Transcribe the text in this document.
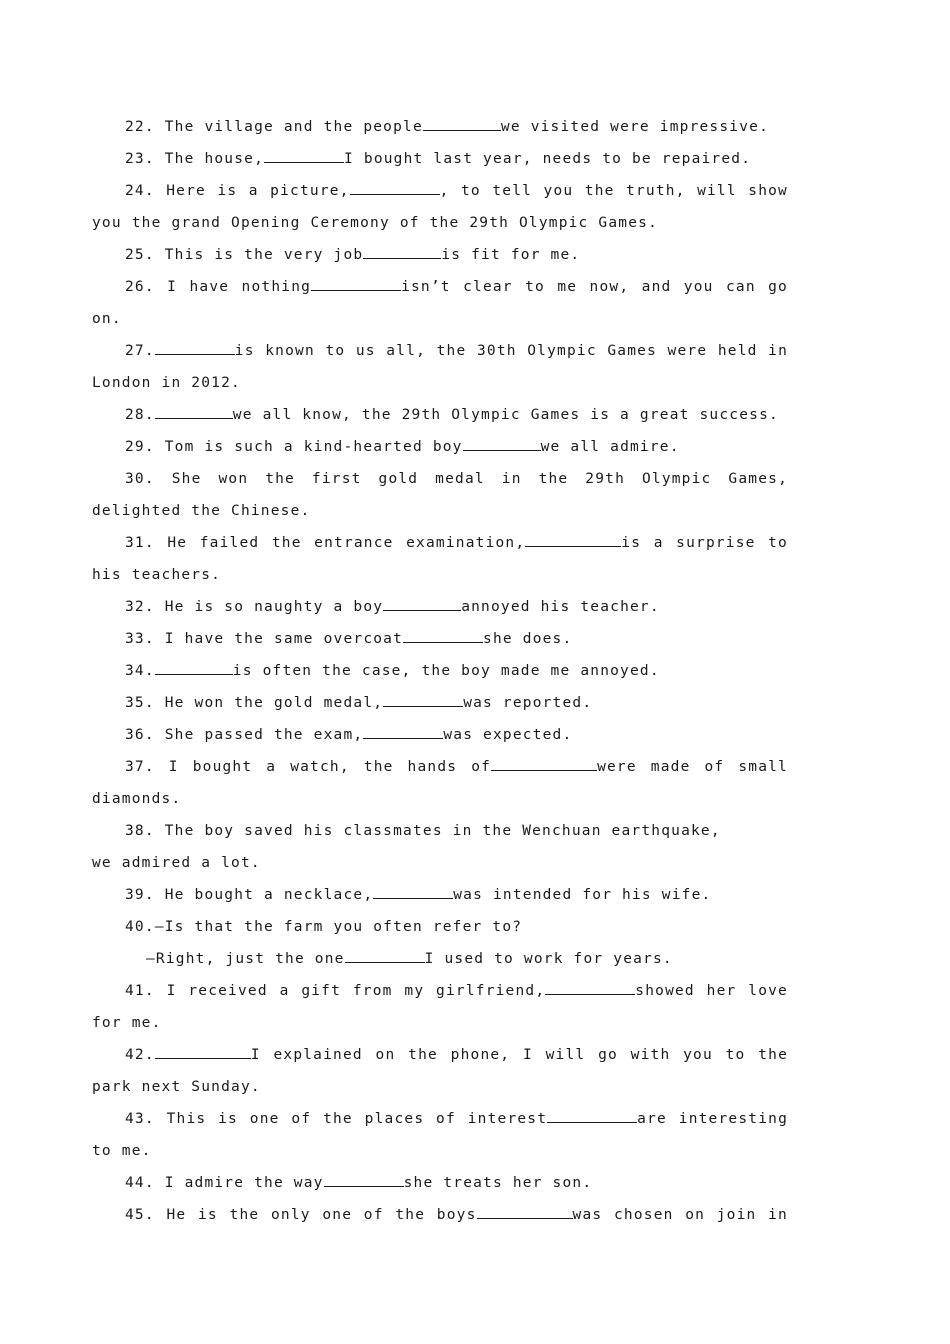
22. The village and the people	we visited were impressive.

23. The house,	I bought last year, needs to be repaired.

24. Here is a picture,	, to tell you the truth, will show

you the grand Opening Ceremony of the 29th Olympic Games.

25. This is the very job	is fit for me.

26. I have nothing	isn’t clear to me now, and you can go

on.

27.	is known to us all, the 30th Olympic Games were held in

London in 2012.

28.	we all know, the 29th Olympic Games is a great success.

29. Tom is such a kind-hearted boy	we all admire.

30. She won the first gold medal in the 29th Olympic Games,

delighted the Chinese.

31. He failed the entrance examination,	is a surprise to

his teachers.

32. He is so naughty a boy	annoyed his teacher.

33. I have the same overcoat	she does.

34.	is often the case, the boy made me annoyed.

35. He won the gold medal,	was reported.

36. She passed the exam,	was expected.

37. I bought a watch, the hands of	were made of small

diamonds.

38. The boy saved his classmates in the Wenchuan earthquake,

we admired a lot.

39. He bought a necklace,	was intended for his wife.

40.—Is that the farm you often refer to?

—Right, just the one	I used to work for years.

41. I received a gift from my girlfriend,	showed her love

for me.

42.	I explained on the phone, I will go with you to the

park next Sunday.

43. This is one of the places of interest	are interesting

to me.

44. I admire the way	she treats her son.

45. He is the only one of the boys	was chosen on join in
